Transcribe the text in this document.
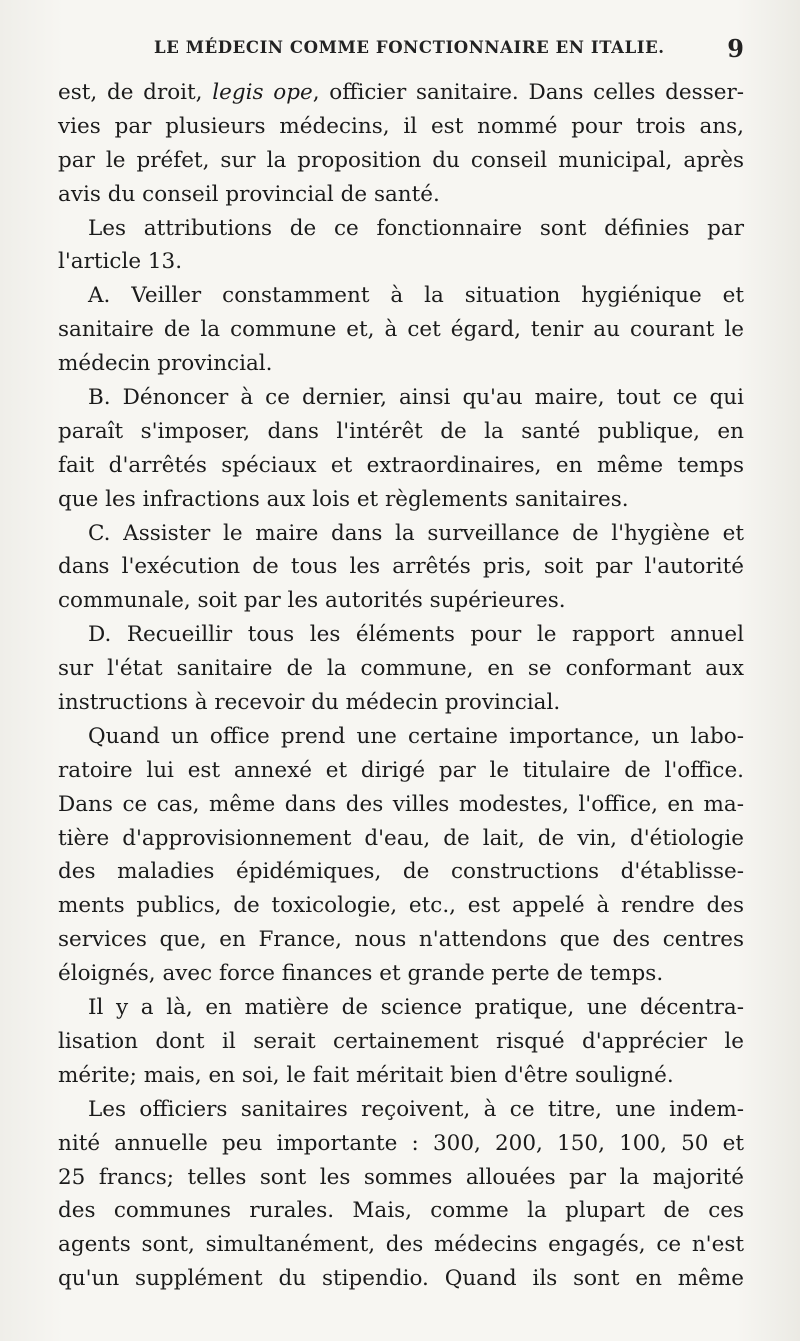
LE MÉDECIN COMME FONCTIONNAIRE EN ITALIE.	9
est, de droit, legis ope, officier sanitaire. Dans celles desser-
vies par plusieurs médecins, il est nommé pour trois ans,
par le préfet, sur la proposition du conseil municipal, après
avis du conseil provincial de santé.
Les attributions de ce fonctionnaire sont définies par
l'article 13.
A. Veiller constamment à la situation hygiénique et
sanitaire de la commune et, à cet égard, tenir au courant le
médecin provincial.
B. Dénoncer à ce dernier, ainsi qu'au maire, tout ce qui
paraît s'imposer, dans l'intérêt de la santé publique, en
fait d'arrêtés spéciaux et extraordinaires, en même temps
que les infractions aux lois et règlements sanitaires.
C. Assister le maire dans la surveillance de l'hygiène et
dans l'exécution de tous les arrêtés pris, soit par l'autorité
communale, soit par les autorités supérieures.
D. Recueillir tous les éléments pour le rapport annuel
sur l'état sanitaire de la commune, en se conformant aux
instructions à recevoir du médecin provincial.
Quand un office prend une certaine importance, un labo-
ratoire lui est annexé et dirigé par le titulaire de l'office.
Dans ce cas, même dans des villes modestes, l'office, en ma-
tière d'approvisionnement d'eau, de lait, de vin, d'étiologie
des maladies épidémiques, de constructions d'établisse-
ments publics, de toxicologie, etc., est appelé à rendre des
services que, en France, nous n'attendons que des centres
éloignés, avec force finances et grande perte de temps.
Il y a là, en matière de science pratique, une décentra-
lisation dont il serait certainement risqué d'apprécier le
mérite; mais, en soi, le fait méritait bien d'être souligné.
Les officiers sanitaires reçoivent, à ce titre, une indem-
nité annuelle peu importante : 300, 200, 150, 100, 50 et
25 francs; telles sont les sommes allouées par la majorité
des communes rurales. Mais, comme la plupart de ces
agents sont, simultanément, des médecins engagés, ce n'est
qu'un supplément du stipendio. Quand ils sont en même
